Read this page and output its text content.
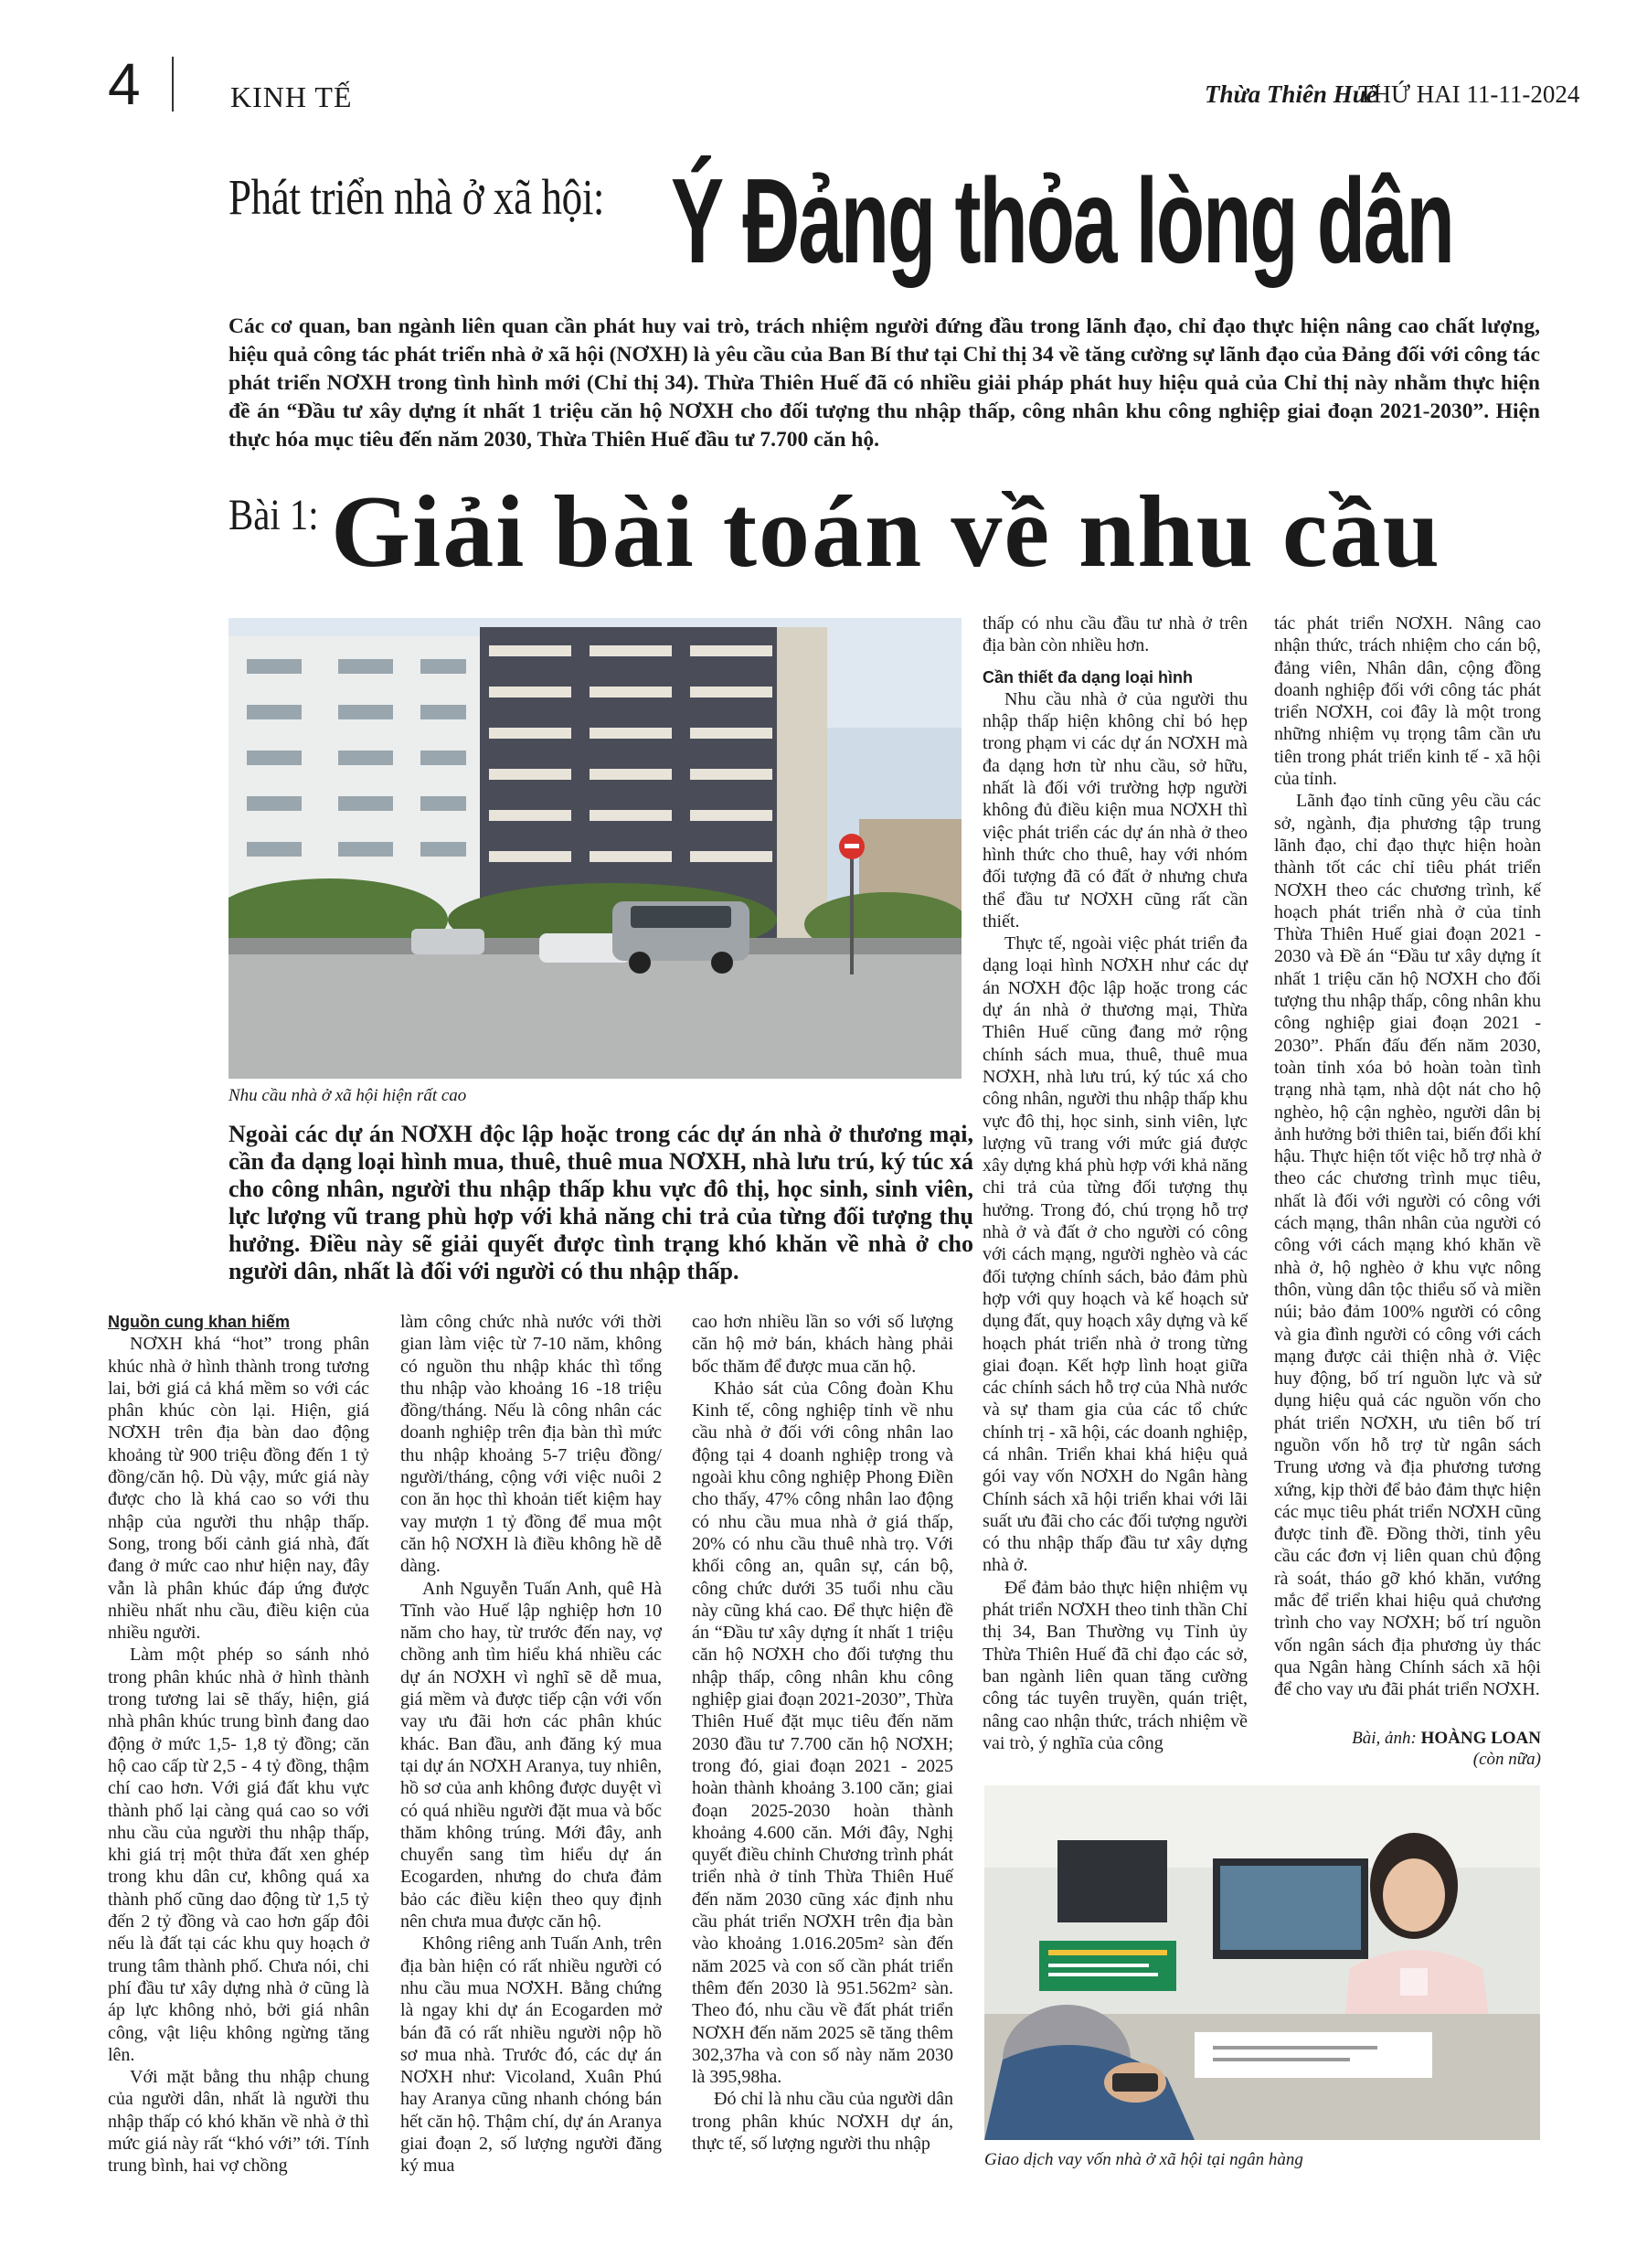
4	KINH TẾ	Thừa Thiên Huế
THỨ HAI 11-11-2024
Phát triển nhà ở xã hội: Ý Đảng thỏa lòng dân
Các cơ quan, ban ngành liên quan cần phát huy vai trò, trách nhiệm người đứng đầu trong lãnh đạo, chỉ đạo thực hiện nâng cao chất lượng, hiệu quả công tác phát triển nhà ở xã hội (NƠXH) là yêu cầu của Ban Bí thư tại Chỉ thị 34 về tăng cường sự lãnh đạo của Đảng đối với công tác phát triển NƠXH trong tình hình mới (Chỉ thị 34). Thừa Thiên Huế đã có nhiều giải pháp phát huy hiệu quả của Chỉ thị này nhằm thực hiện đề án “Đầu tư xây dựng ít nhất 1 triệu căn hộ NƠXH cho đối tượng thu nhập thấp, công nhân khu công nghiệp giai đoạn 2021-2030”. Hiện thực hóa mục tiêu đến năm 2030, Thừa Thiên Huế đầu tư 7.700 căn hộ.
Bài 1: Giải bài toán về nhu cầu
Nhu cầu nhà ở xã hội hiện rất cao
Ngoài các dự án NƠXH độc lập hoặc trong các dự án nhà ở thương mại, cần đa dạng loại hình mua, thuê, thuê mua NƠXH, nhà lưu trú, ký túc xá cho công nhân, người thu nhập thấp khu vực đô thị, học sinh, sinh viên, lực lượng vũ trang phù hợp với khả năng chi trả của từng đối tượng thụ hưởng. Điều này sẽ giải quyết được tình trạng khó khăn về nhà ở cho người dân, nhất là đối với người có thu nhập thấp.

Nguồn cung khan hiếm

NƠXH khá “hot” trong phân khúc nhà ở hình thành trong tương lai, bởi giá cả khá mềm so với các phân khúc còn lại. Hiện, giá NƠXH trên địa bàn dao động khoảng từ 900 triệu đồng đến 1 tỷ đồng/căn hộ. Dù vậy, mức giá này được cho là khá cao so với thu nhập của người thu nhập thấp. Song, trong bối cảnh giá nhà, đất đang ở mức cao như hiện nay, đây vẫn là phân khúc đáp ứng được nhiều nhất nhu cầu, điều kiện của nhiều người.

Làm một phép so sánh nhỏ trong phân khúc nhà ở hình thành trong tương lai sẽ thấy, hiện, giá nhà phân khúc trung bình đang dao động ở mức 1,5- 1,8 tỷ đồng; căn hộ cao cấp từ 2,5 - 4 tỷ đồng, thậm chí cao hơn. Với giá đất khu vực thành phố lại càng quá cao so với nhu cầu của người thu nhập thấp, khi giá trị một thửa đất xen ghép trong khu dân cư, không quá xa thành phố cũng dao động từ 1,5 tỷ đến 2 tỷ đồng và cao hơn gấp đôi nếu là đất tại các khu quy hoạch ở trung tâm thành phố. Chưa nói, chi phí đầu tư xây dựng nhà ở cũng là áp lực không nhỏ, bởi giá nhân công, vật liệu không ngừng tăng lên.

Với mặt bằng thu nhập chung của người dân, nhất là người thu nhập thấp có khó khăn về nhà ở thì mức giá này rất “khó với” tới. Tính trung bình, hai vợ chồng

làm công chức nhà nước với thời gian làm việc từ 7-10 năm, không có nguồn thu nhập khác thì tổng thu nhập vào khoảng 16 -18 triệu đồng/tháng. Nếu là công nhân các doanh nghiệp trên địa bàn thì mức thu nhập khoảng 5-7 triệu đồng/ người/tháng, cộng với việc nuôi 2 con ăn học thì khoản tiết kiệm hay vay mượn 1 tỷ đồng để mua một căn hộ NƠXH là điều không hề dễ dàng.

Anh Nguyễn Tuấn Anh, quê Hà Tĩnh vào Huế lập nghiệp hơn 10 năm cho hay, từ trước đến nay, vợ chồng anh tìm hiểu khá nhiều các dự án NƠXH vì nghĩ sẽ dễ mua, giá mềm và được tiếp cận với vốn vay ưu đãi hơn các phân khúc khác. Ban đầu, anh đăng ký mua tại dự án NƠXH Aranya, tuy nhiên, hồ sơ của anh không được duyệt vì có quá nhiều người đặt mua và bốc thăm không trúng. Mới đây, anh chuyển sang tìm hiểu dự án Ecogarden, nhưng do chưa đảm bảo các điều kiện theo quy định nên chưa mua được căn hộ.

Không riêng anh Tuấn Anh, trên địa bàn hiện có rất nhiều người có nhu cầu mua NƠXH. Bằng chứng là ngay khi dự án Ecogarden mở bán đã có rất nhiều người nộp hồ sơ mua nhà. Trước đó, các dự án NƠXH như: Vicoland, Xuân Phú hay Aranya cũng nhanh chóng bán hết căn hộ. Thậm chí, dự án Aranya giai đoạn 2, số lượng người đăng ký mua

cao hơn nhiều lần so với số lượng căn hộ mở bán, khách hàng phải bốc thăm để được mua căn hộ.

Khảo sát của Công đoàn Khu Kinh tế, công nghiệp tỉnh về nhu cầu nhà ở đối với công nhân lao động tại 4 doanh nghiệp trong và ngoài khu công nghiệp Phong Điền cho thấy, 47% công nhân lao động có nhu cầu mua nhà ở giá thấp, 20% có nhu cầu thuê nhà trọ. Với khối công an, quân sự, cán bộ, công chức dưới 35 tuổi nhu cầu này cũng khá cao. Để thực hiện đề án “Đầu tư xây dựng ít nhất 1 triệu căn hộ NƠXH cho đối tượng thu nhập thấp, công nhân khu công nghiệp giai đoạn 2021-2030”, Thừa Thiên Huế đặt mục tiêu đến năm 2030 đầu tư 7.700 căn hộ NƠXH; trong đó, giai đoạn 2021 - 2025 hoàn thành khoảng 3.100 căn; giai đoạn 2025-2030 hoàn thành khoảng 4.600 căn. Mới đây, Nghị quyết điều chỉnh Chương trình phát triển nhà ở tỉnh Thừa Thiên Huế đến năm 2030 cũng xác định nhu cầu phát triển NƠXH trên địa bàn vào khoảng 1.016.205m² sàn đến năm 2025 và con số cần phát triển thêm đến 2030 là 951.562m² sàn. Theo đó, nhu cầu về đất phát triển NƠXH đến năm 2025 sẽ tăng thêm 302,37ha và con số này năm 2030 là 395,98ha.

Đó chỉ là nhu cầu của người dân trong phân khúc NƠXH dự án, thực tế, số lượng người thu nhập

thấp có nhu cầu đầu tư nhà ở trên địa bàn còn nhiều hơn.

Cần thiết đa dạng loại hình

Nhu cầu nhà ở của người thu nhập thấp hiện không chỉ bó hẹp trong phạm vi các dự án NƠXH mà đa dạng hơn từ nhu cầu, sở hữu, nhất là đối với trường hợp người không đủ điều kiện mua NƠXH thì việc phát triển các dự án nhà ở theo hình thức cho thuê, hay với nhóm đối tượng đã có đất ở nhưng chưa thể đầu tư NƠXH cũng rất cần thiết.

Thực tế, ngoài việc phát triển đa dạng loại hình NƠXH như các dự án NƠXH độc lập hoặc trong các dự án nhà ở thương mại, Thừa Thiên Huế cũng đang mở rộng chính sách mua, thuê, thuê mua NƠXH, nhà lưu trú, ký túc xá cho công nhân, người thu nhập thấp khu vực đô thị, học sinh, sinh viên, lực lượng vũ trang với mức giá được xây dựng khá phù hợp với khả năng chi trả của từng đối tượng thụ hưởng. Trong đó, chú trọng hỗ trợ nhà ở và đất ở cho người có công với cách mạng, người nghèo và các đối tượng chính sách, bảo đảm phù hợp với quy hoạch và kế hoạch sử dụng đất, quy hoạch xây dựng và kế hoạch phát triển nhà ở trong từng giai đoạn. Kết hợp lình hoạt giữa các chính sách hỗ trợ của Nhà nước và sự tham gia của các tổ chức chính trị - xã hội, các doanh nghiệp, cá nhân. Triển khai khá hiệu quả gói vay vốn NƠXH do Ngân hàng Chính sách xã hội triển khai với lãi suất ưu đãi cho các đối tượng người có thu nhập thấp đầu tư xây dựng nhà ở.

Để đảm bảo thực hiện nhiệm vụ phát triển NƠXH theo tinh thần Chỉ thị 34, Ban Thường vụ Tỉnh ủy Thừa Thiên Huế đã chỉ đạo các sở, ban ngành liên quan tăng cường công tác tuyên truyền, quán triệt, nâng cao nhận thức, trách nhiệm về vai trò, ý nghĩa của công

tác phát triển NƠXH. Nâng cao nhận thức, trách nhiệm cho cán bộ, đảng viên, Nhân dân, cộng đồng doanh nghiệp đối với công tác phát triển NƠXH, coi đây là một trong những nhiệm vụ trọng tâm cần ưu tiên trong phát triển kinh tế - xã hội của tỉnh.

Lãnh đạo tỉnh cũng yêu cầu các sở, ngành, địa phương tập trung lãnh đạo, chỉ đạo thực hiện hoàn thành tốt các chỉ tiêu phát triển NƠXH theo các chương trình, kế hoạch phát triển nhà ở của tỉnh Thừa Thiên Huế giai đoạn 2021 - 2030 và Đề án “Đầu tư xây dựng ít nhất 1 triệu căn hộ NƠXH cho đối tượng thu nhập thấp, công nhân khu công nghiệp giai đoạn 2021 - 2030”. Phấn đấu đến năm 2030, toàn tỉnh xóa bỏ hoàn toàn tình trạng nhà tạm, nhà dột nát cho hộ nghèo, hộ cận nghèo, người dân bị ảnh hưởng bởi thiên tai, biến đổi khí hậu. Thực hiện tốt việc hỗ trợ nhà ở theo các chương trình mục tiêu, nhất là đối với người có công với cách mạng, thân nhân của người có công với cách mạng khó khăn về nhà ở, hộ nghèo ở khu vực nông thôn, vùng dân tộc thiểu số và miền núi; bảo đảm 100% người có công và gia đình người có công với cách mạng được cải thiện nhà ở. Việc huy động, bố trí nguồn lực và sử dụng hiệu quả các nguồn vốn cho phát triển NƠXH, ưu tiên bố trí nguồn vốn hỗ trợ từ ngân sách Trung ương và địa phương tương xứng, kịp thời để bảo đảm thực hiện các mục tiêu phát triển NƠXH cũng được tỉnh đề. Đồng thời, tỉnh yêu cầu các đơn vị liên quan chủ động rà soát, tháo gỡ khó khăn, vướng mắc để triển khai hiệu quả chương trình cho vay NƠXH; bố trí nguồn vốn ngân sách địa phương ủy thác qua Ngân hàng Chính sách xã hội để cho vay ưu đãi phát triển NƠXH.

Bài, ảnh: HOÀNG LOAN
(còn nữa)
Giao dịch vay vốn nhà ở xã hội tại ngân hàng
